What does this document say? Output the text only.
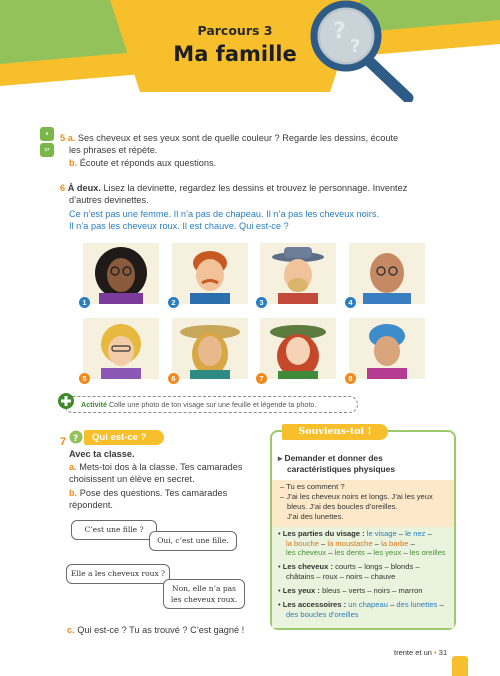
?
?
Parcours 3
Ma famille
5
27
5 a. Ses cheveux et ses yeux sont de quelle couleur ? Regarde les dessins, écoute
les phrases et répète.
b. Écoute et réponds aux questions.
6 À deux. Lisez la devinette, regardez les dessins et trouvez le personnage. Inventez
d’autres devinettes.
Ce n’est pas une femme. Il n’a pas de chapeau. Il n’a pas les cheveux noirs.
Il n’a pas les cheveux roux. Il est chauve. Qui est-ce ?
1	2	3	4
5	6	7	8
Activité Colle une photo de ton visage sur une feuille et légende ta photo.
7 ?	Qui est-ce ?
Avec ta classe.
a. Mets-toi dos à la classe. Tes camarades
choisissent un élève en secret.
b. Pose des questions. Tes camarades
répondent.
C’est une fille ?
Oui, c’est une fille.
Elle a les cheveux roux ?
Non, elle n’a pas
les cheveux roux.
c. Qui est-ce ? Tu as trouvé ? C’est gagné !
Souviens-toi !
▸ Demander et donner des
caractéristiques physiques
– Tu es comment ?
– J’ai les cheveux noirs et longs. J’ai les yeux
bleus. J’ai des boucles d’oreilles.
J’ai des lunettes.
• Les parties du visage : le visage – le nez –
la bouche – la moustache – la barbe –
les cheveux – les dents – les yeux – les oreilles
• Les cheveux : courts – longs – blonds –
châtains – roux – noirs – chauve
• Les yeux : bleus – verts – noirs – marron
• Les accessoires : un chapeau – des lunettes –
des boucles d’oreilles
trente et un • 31
